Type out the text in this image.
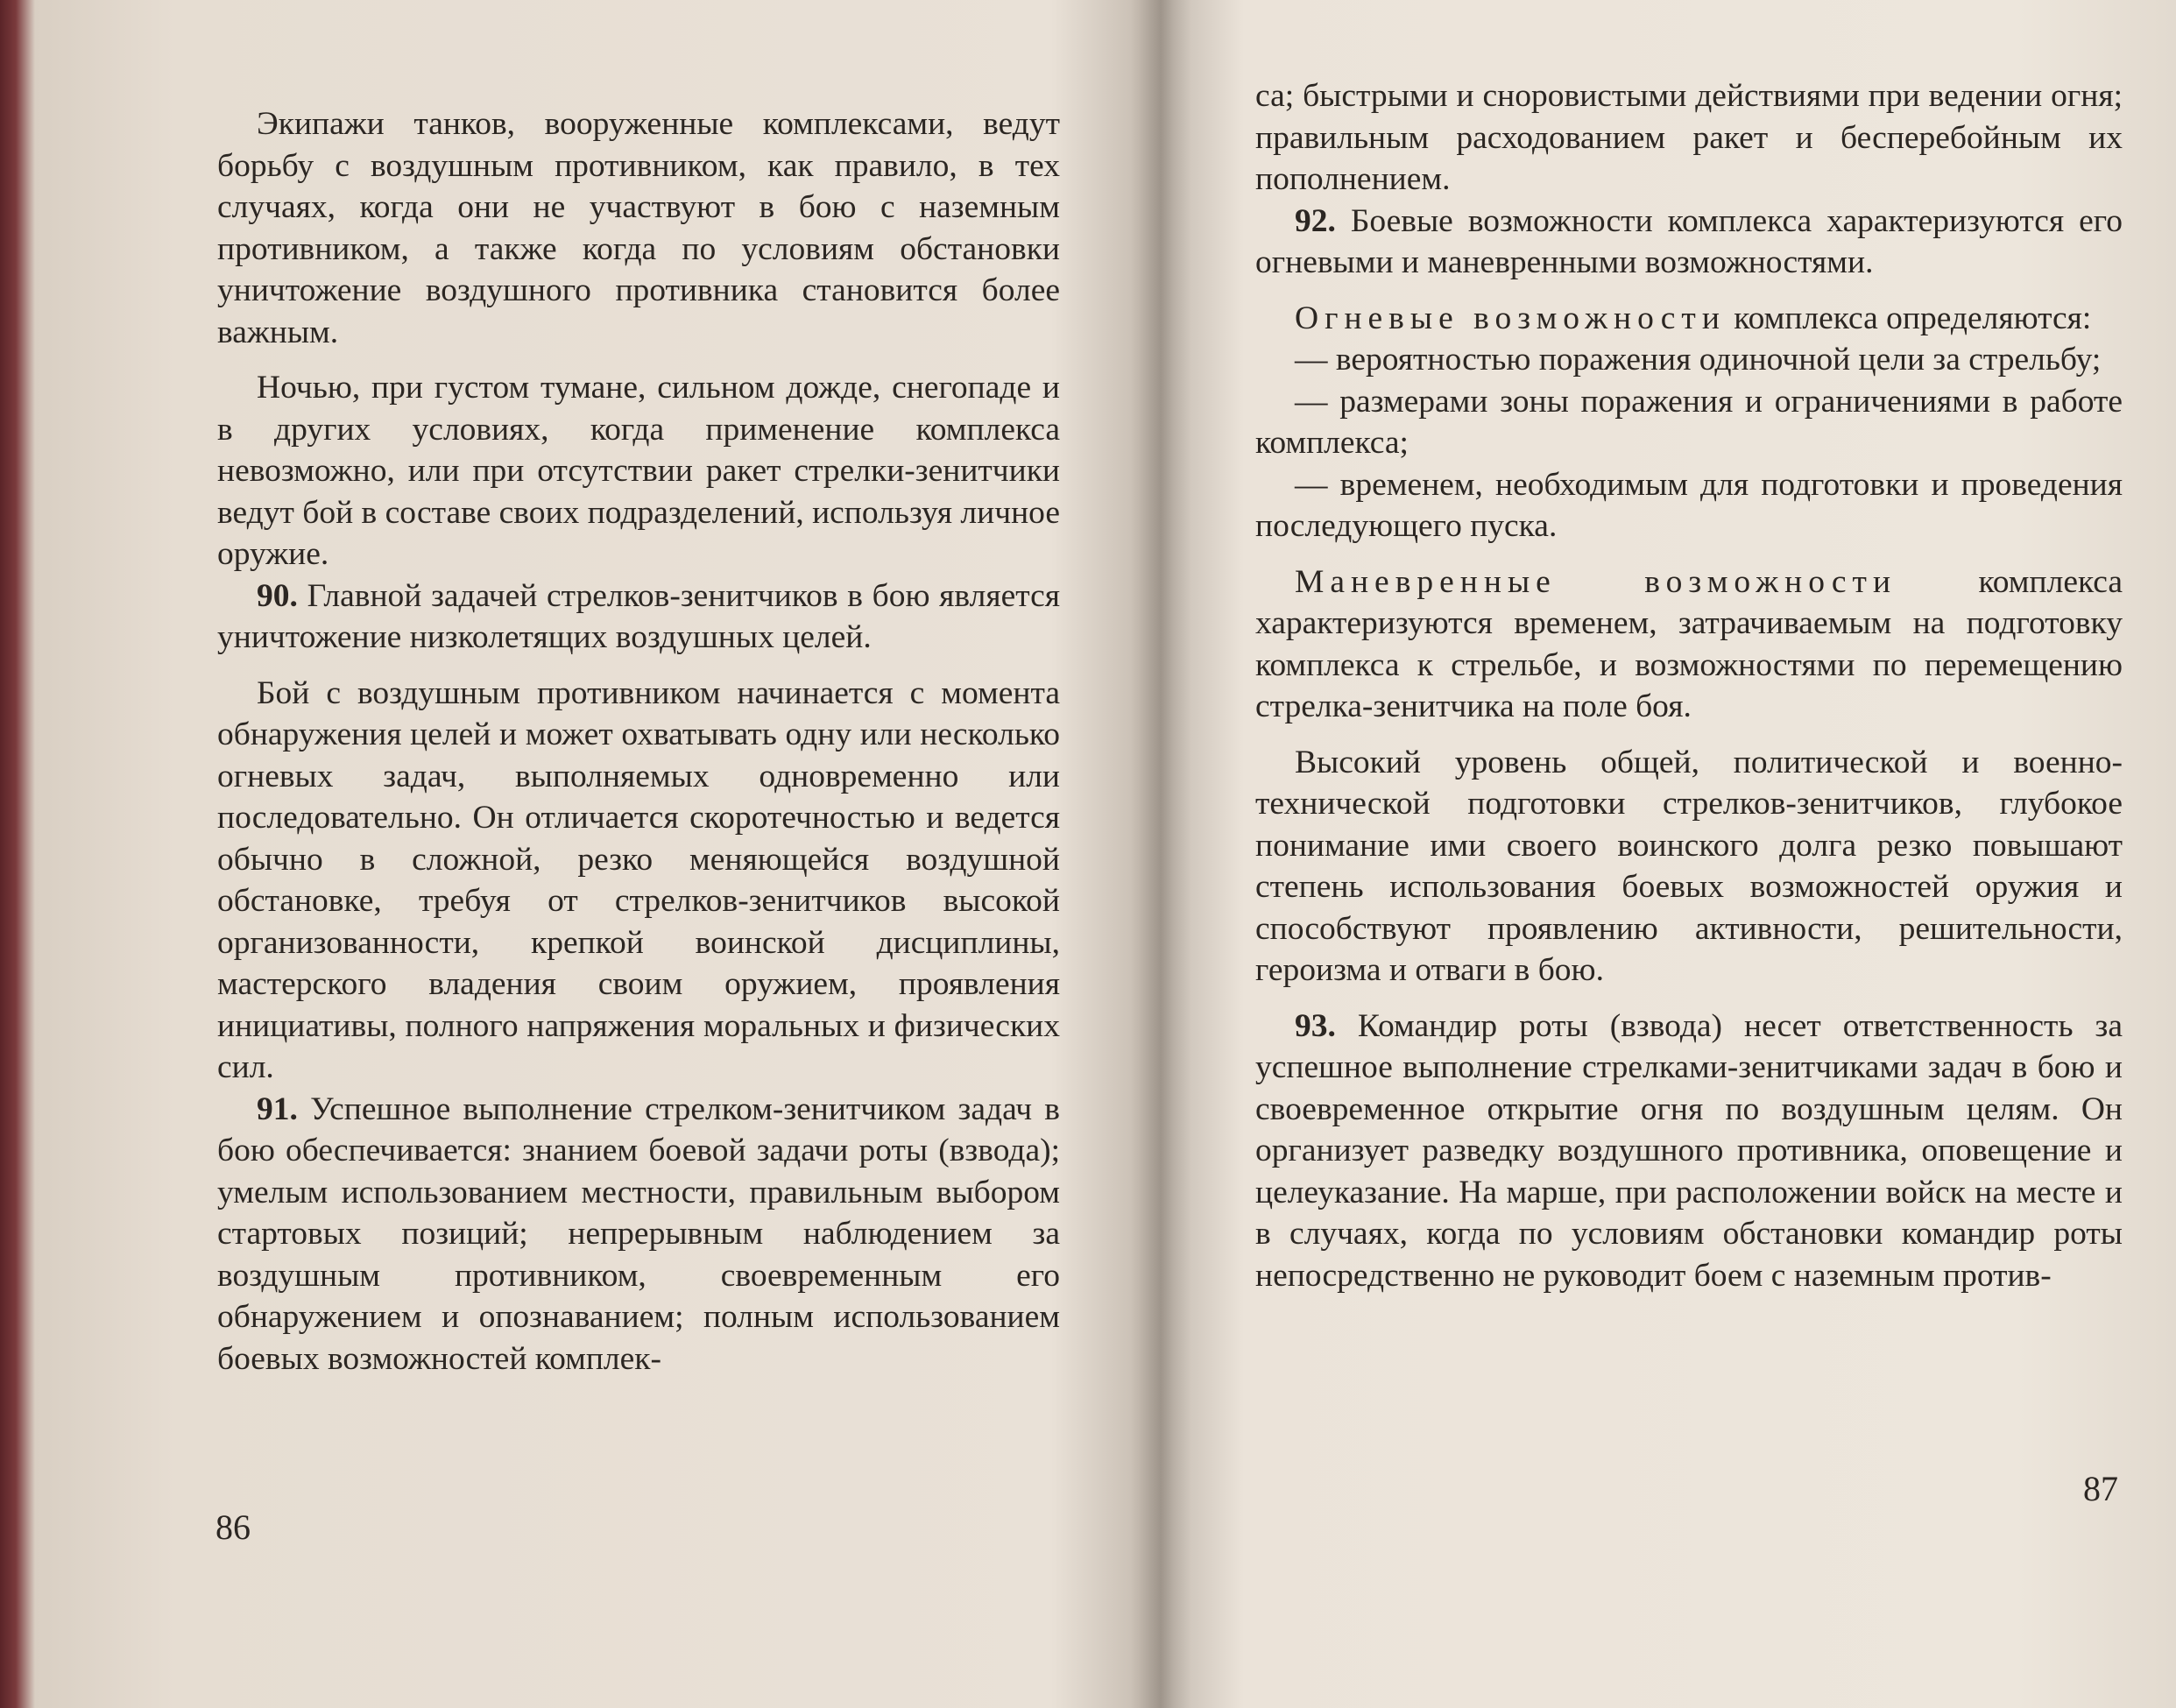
Экипажи танков, вооруженные комплексами, ведут борьбу с воздушным противником, как правило, в тех случаях, когда они не участвуют в бою с наземным противником, а также когда по условиям обстановки уничтожение воздушного противника становится более важным.

Ночью, при густом тумане, сильном дожде, снегопаде и в других условиях, когда применение комплекса невозможно, или при отсутствии ракет стрелки-зенитчики ведут бой в составе своих подразделений, используя личное оружие.

90. Главной задачей стрелков-зенитчиков в бою является уничтожение низколетящих воздушных целей.

Бой с воздушным противником начинается с момента обнаружения целей и может охватывать одну или несколько огневых задач, выполняемых одновременно или последовательно. Он отличается скоротечностью и ведется обычно в сложной, резко меняющейся воздушной обстановке, требуя от стрелков-зенитчиков высокой организованности, крепкой воинской дисциплины, мастерского владения своим оружием, проявления инициативы, полного напряжения моральных и физических сил.

91. Успешное выполнение стрелком-зенитчиком задач в бою обеспечивается: знанием боевой задачи роты (взвода); умелым использованием местности, правильным выбором стартовых позиций; непрерывным наблюдением за воздушным противником, своевременным его обнаружением и опознаванием; полным использованием боевых возможностей комплек-

86

са; быстрыми и сноровистыми действиями при ведении огня; правильным расходованием ракет и бесперебойным их пополнением.

92. Боевые возможности комплекса характеризуются его огневыми и маневренными возможностями.

Огневые возможности комплекса определяются:

— вероятностью поражения одиночной цели за стрельбу;

— размерами зоны поражения и ограничениями в работе комплекса;

— временем, необходимым для подготовки и проведения последующего пуска.

Маневренные возможности комплекса характеризуются временем, затрачиваемым на подготовку комплекса к стрельбе, и возможностями по перемещению стрелка-зенитчика на поле боя.

Высокий уровень общей, политической и военно-технической подготовки стрелков-зенитчиков, глубокое понимание ими своего воинского долга резко повышают степень использования боевых возможностей оружия и способствуют проявлению активности, решительности, героизма и отваги в бою.

93. Командир роты (взвода) несет ответственность за успешное выполнение стрелками-зенитчиками задач в бою и своевременное открытие огня по воздушным целям. Он организует разведку воздушного противника, оповещение и целеуказание. На марше, при расположении войск на месте и в случаях, когда по условиям обстановки командир роты непосредственно не руководит боем с наземным против-

87
